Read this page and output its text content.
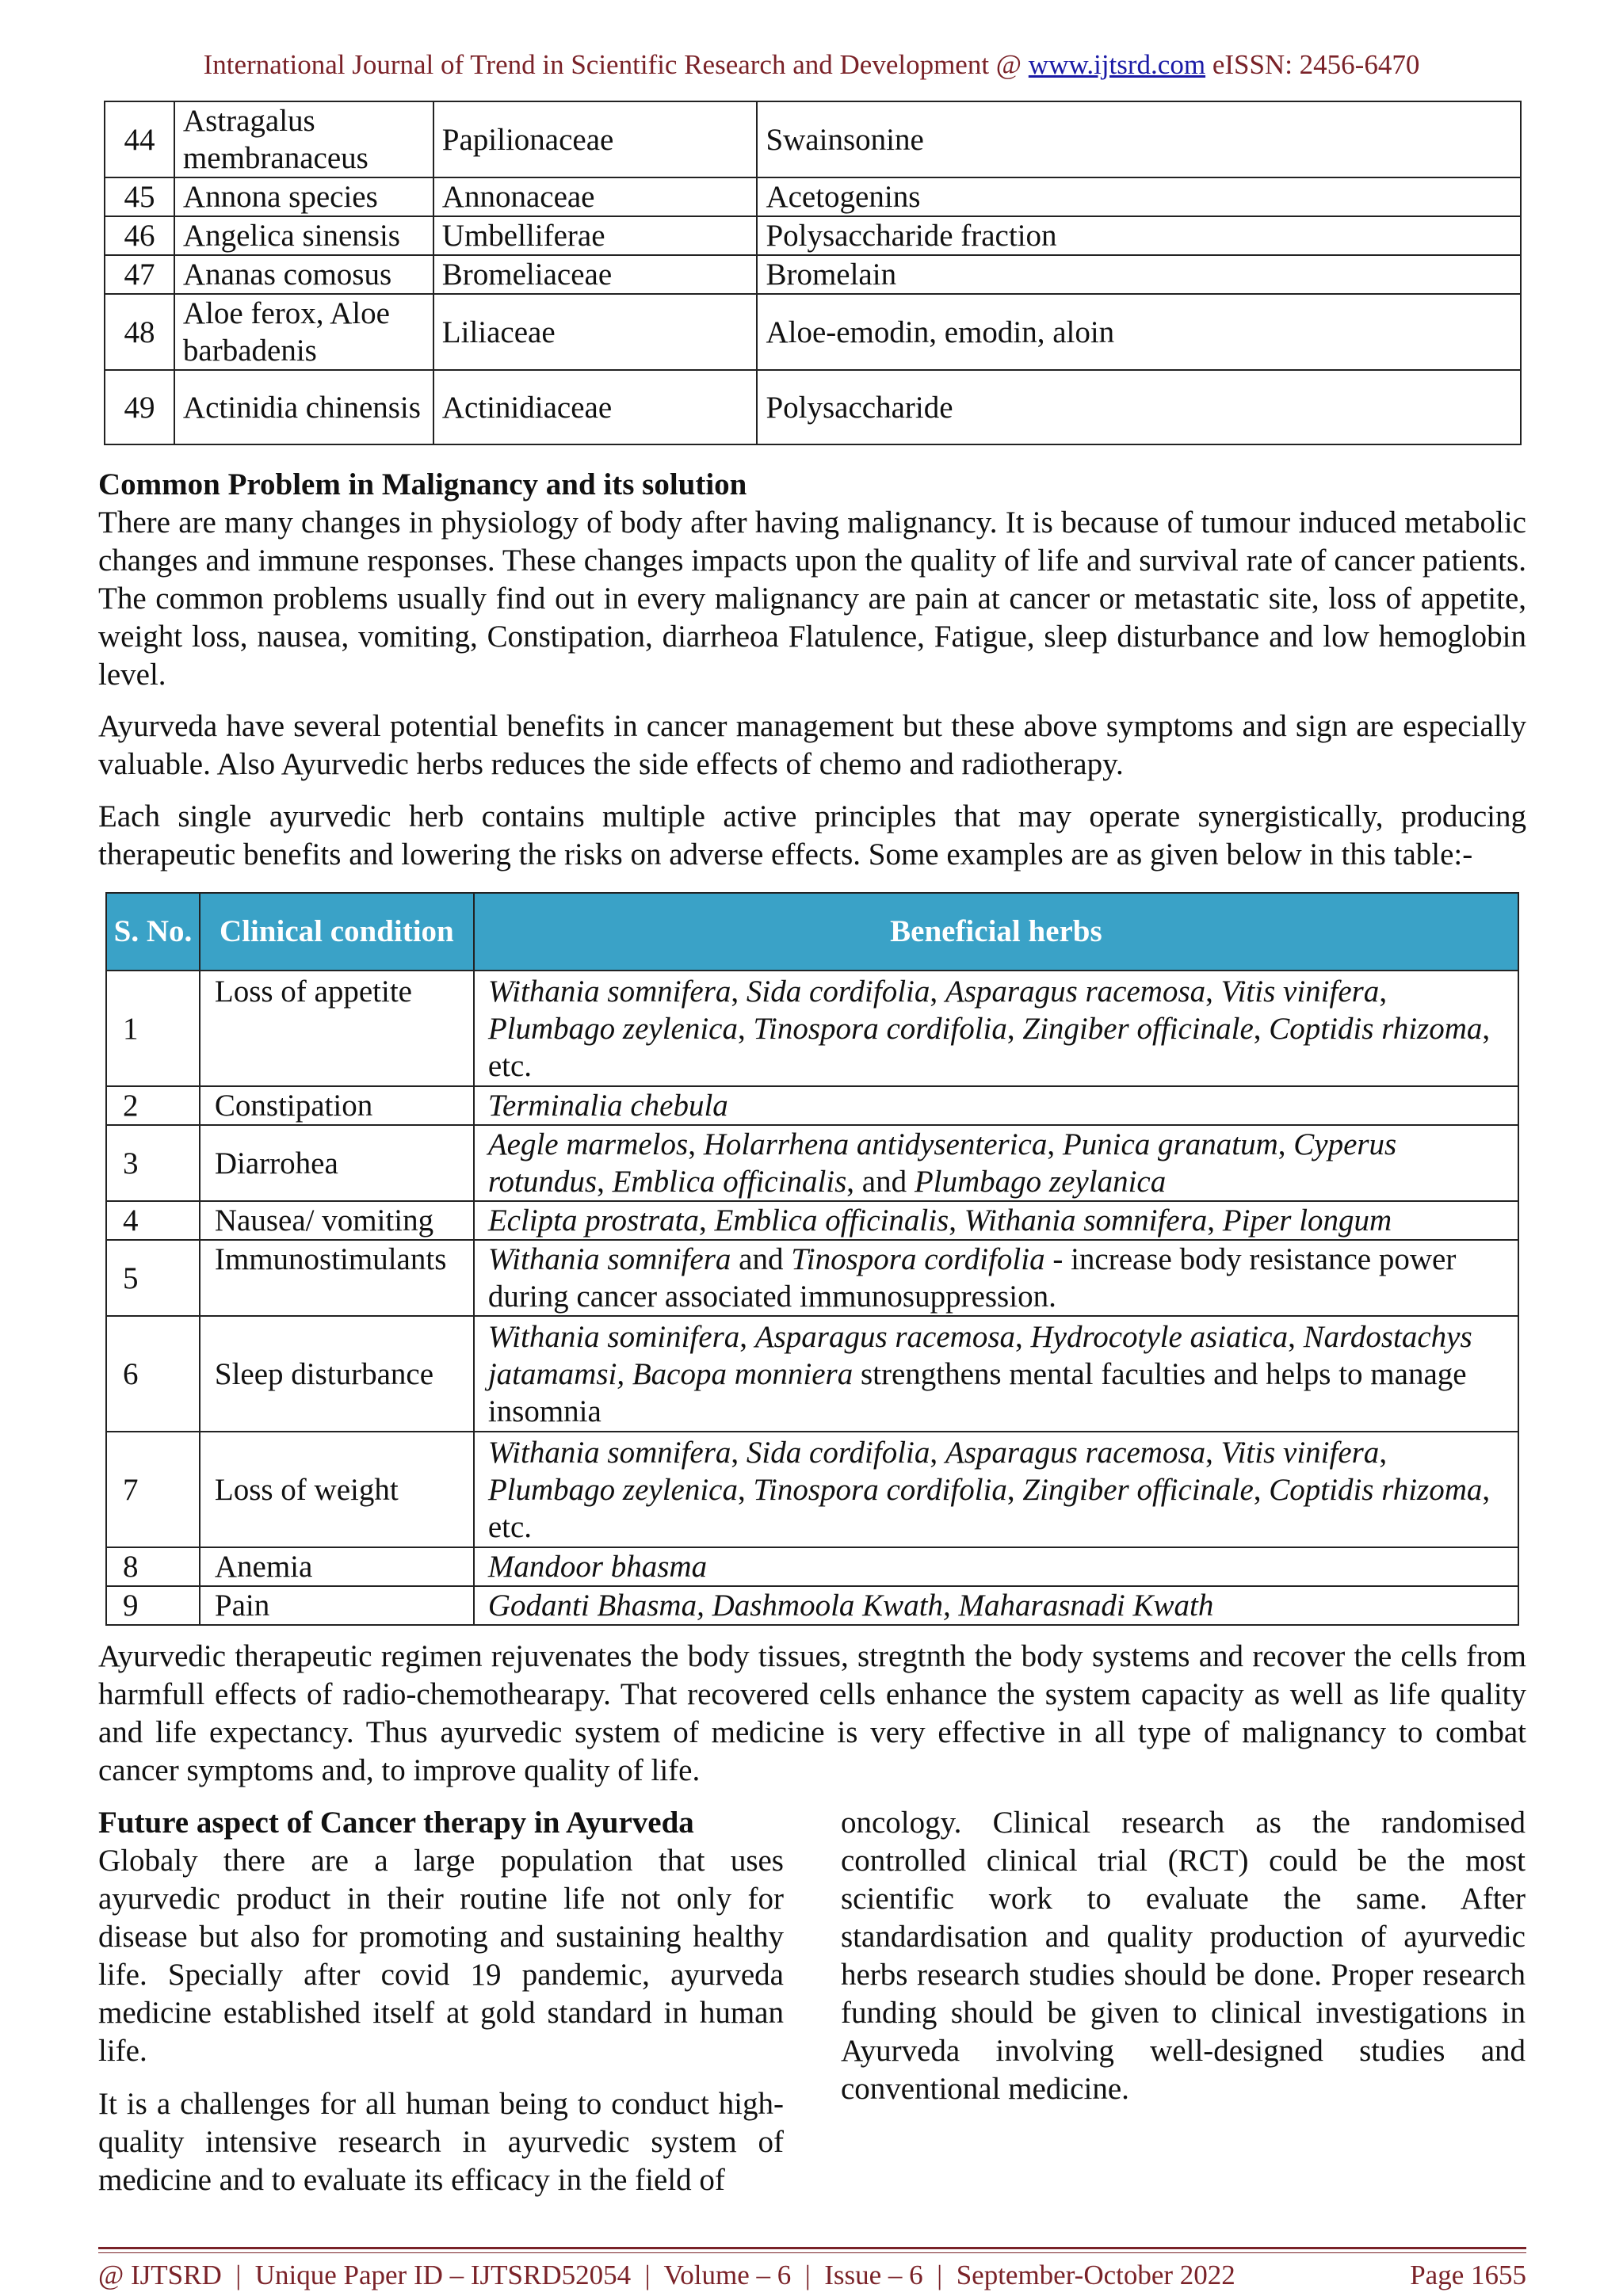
International Journal of Trend in Scientific Research and Development @ www.ijtsrd.com eISSN: 2456-6470
44	Astragalus membranaceus	Papilionaceae	Swainsonine
45	Annona species	Annonaceae	Acetogenins
46	Angelica sinensis	Umbelliferae	Polysaccharide fraction
47	Ananas comosus	Bromeliaceae	Bromelain
48	Aloe ferox, Aloe barbadenis	Liliaceae	Aloe-emodin, emodin, aloin
49	Actinidia chinensis	Actinidiaceae	Polysaccharide
Common Problem in Malignancy and its solution
There are many changes in physiology of body after having malignancy. It is because of tumour induced metabolic changes and immune responses. These changes impacts upon the quality of life and survival rate of cancer patients. The common problems usually find out in every malignancy are pain at cancer or metastatic site, loss of appetite, weight loss, nausea, vomiting, Constipation, diarrheoa Flatulence, Fatigue, sleep disturbance and low hemoglobin level.
Ayurveda have several potential benefits in cancer management but these above symptoms and sign are especially valuable. Also Ayurvedic herbs reduces the side effects of chemo and radiotherapy.
Each single ayurvedic herb contains multiple active principles that may operate synergistically, producing therapeutic benefits and lowering the risks on adverse effects. Some examples are as given below in this table:-
S. No.	Clinical condition	Beneficial herbs
1	Loss of appetite	Withania somnifera, Sida cordifolia, Asparagus racemosa, Vitis vinifera, Plumbago zeylenica, Tinospora cordifolia, Zingiber officinale, Coptidis rhizoma, etc.
2	Constipation	Terminalia chebula
3	Diarrohea	Aegle marmelos, Holarrhena antidysenterica, Punica granatum, Cyperus rotundus, Emblica officinalis, and Plumbago zeylanica
4	Nausea/ vomiting	Eclipta prostrata, Emblica officinalis, Withania somnifera, Piper longum
5	Immunostimulants	Withania somnifera and Tinospora cordifolia - increase body resistance power during cancer associated immunosuppression.
6	Sleep disturbance	Withania sominifera, Asparagus racemosa, Hydrocotyle asiatica, Nardostachys jatamamsi, Bacopa monniera strengthens mental faculties and helps to manage insomnia
7	Loss of weight	Withania somnifera, Sida cordifolia, Asparagus racemosa, Vitis vinifera, Plumbago zeylenica, Tinospora cordifolia, Zingiber officinale, Coptidis rhizoma, etc.
8	Anemia	Mandoor bhasma
9	Pain	Godanti Bhasma, Dashmoola Kwath, Maharasnadi Kwath
Ayurvedic therapeutic regimen rejuvenates the body tissues, stregtnth the body systems and recover the cells from harmfull effects of radio-chemothearapy. That recovered cells enhance the system capacity as well as life quality and life expectancy. Thus ayurvedic system of medicine is very effective in all type of malignancy to combat cancer symptoms and, to improve quality of life.
Future aspect of Cancer therapy in Ayurveda
Globaly there are a large population that uses ayurvedic product in their routine life not only for disease but also for promoting and sustaining healthy life. Specially after covid 19 pandemic, ayurveda medicine established itself at gold standard in human life.
It is a challenges for all human being to conduct high-quality intensive research in ayurvedic system of medicine and to evaluate its efficacy in the field of
oncology. Clinical research as the randomised controlled clinical trial (RCT) could be the most scientific work to evaluate the same. After standardisation and quality production of ayurvedic herbs research studies should be done. Proper research funding should be given to clinical investigations in Ayurveda involving well-designed studies and conventional medicine.
@ IJTSRD  |  Unique Paper ID – IJTSRD52054  |  Volume – 6  |  Issue – 6  |  September-October 2022	Page 1655
